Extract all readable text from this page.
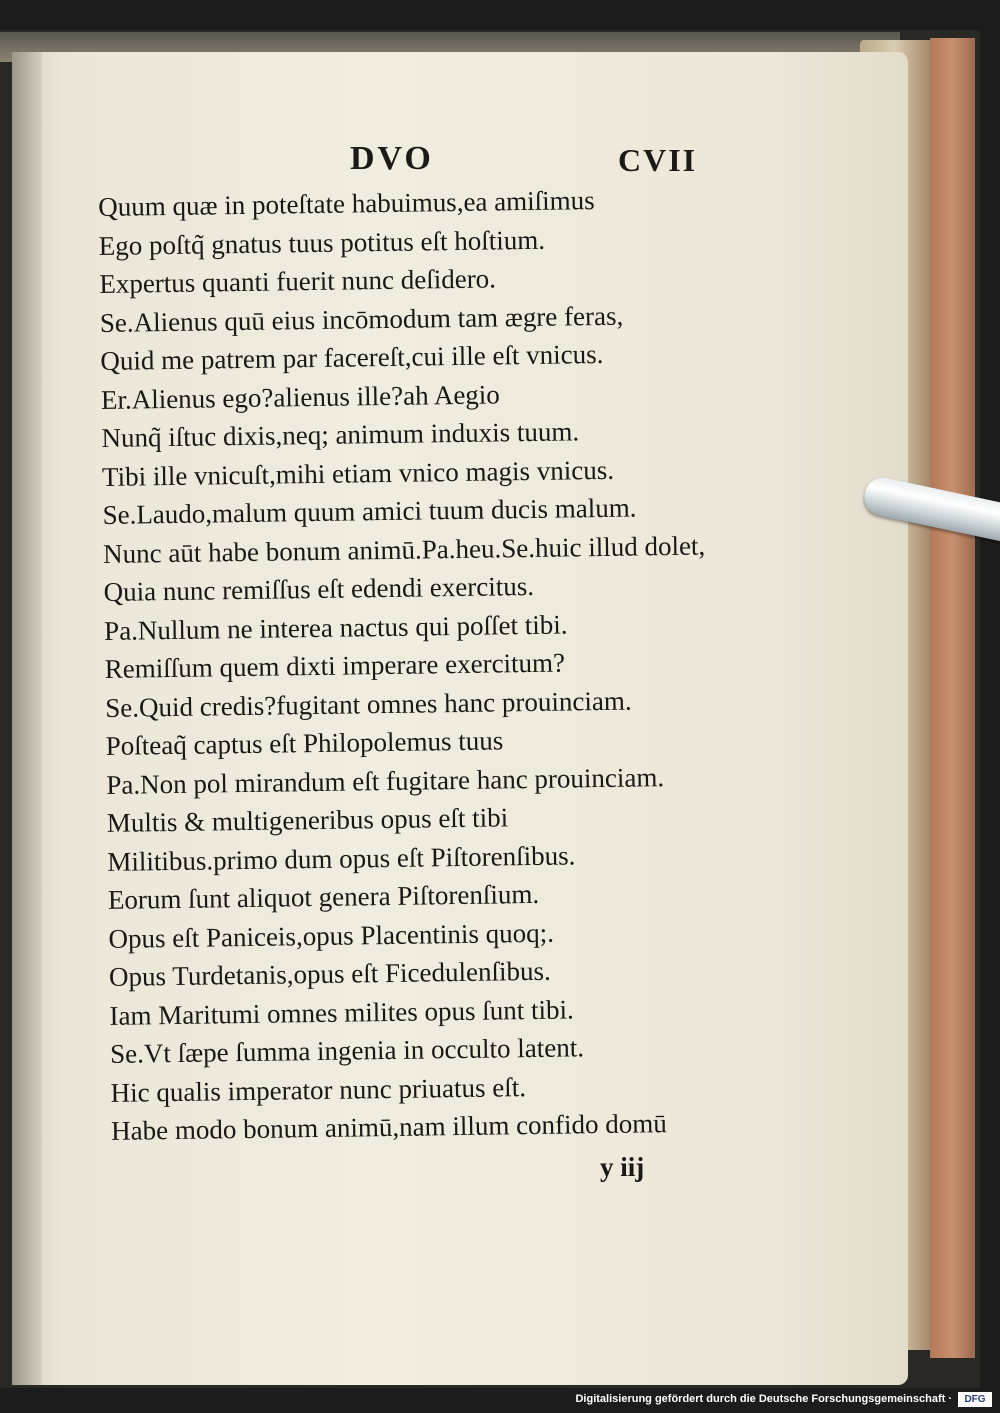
DVO	CVII
Quum quæ in poteſtate habuimus,ea amiſimus
Ego poſtq̃ gnatus tuus potitus eſt hoſtium.
Expertus quanti fuerit nunc deſidero.
Se.Alienus quū eius incōmodum tam ægre feras,
Quid me patrem par facereſt,cui ille eſt vnicus.
Er.Alienus ego?alienus ille?ah Aegio
Nunq̃ iſtuc dixis,neq; animum induxis tuum.
Tibi ille vnicuſt,mihi etiam vnico magis vnicus.
Se.Laudo,malum quum amici tuum ducis malum.
Nunc aūt habe bonum animū.Pa.heu.Se.huic illud dolet,
Quia nunc remiſſus eſt edendi exercitus.
Pa.Nullum ne interea nactus qui poſſet tibi.
Remiſſum quem dixti imperare exercitum?
Se.Quid credis?fugitant omnes hanc prouinciam.
Poſteaq̃ captus eſt Philopolemus tuus
Pa.Non pol mirandum eſt fugitare hanc prouinciam.
Multis & multigeneribus opus eſt tibi
Militibus.primo dum opus eſt Piſtorenſibus.
Eorum ſunt aliquot genera Piſtorenſium.
Opus eſt Paniceis,opus Placentinis quoq;.
Opus Turdetanis,opus eſt Ficedulenſibus.
Iam Maritumi omnes milites opus ſunt tibi.
Se.Vt ſæpe ſumma ingenia in occulto latent.
Hic qualis imperator nunc priuatus eſt.
Habe modo bonum animū,nam illum confido domū
y iij
Digitalisierung gefördert durch die Deutsche Forschungsgemeinschaft ·	DFG
